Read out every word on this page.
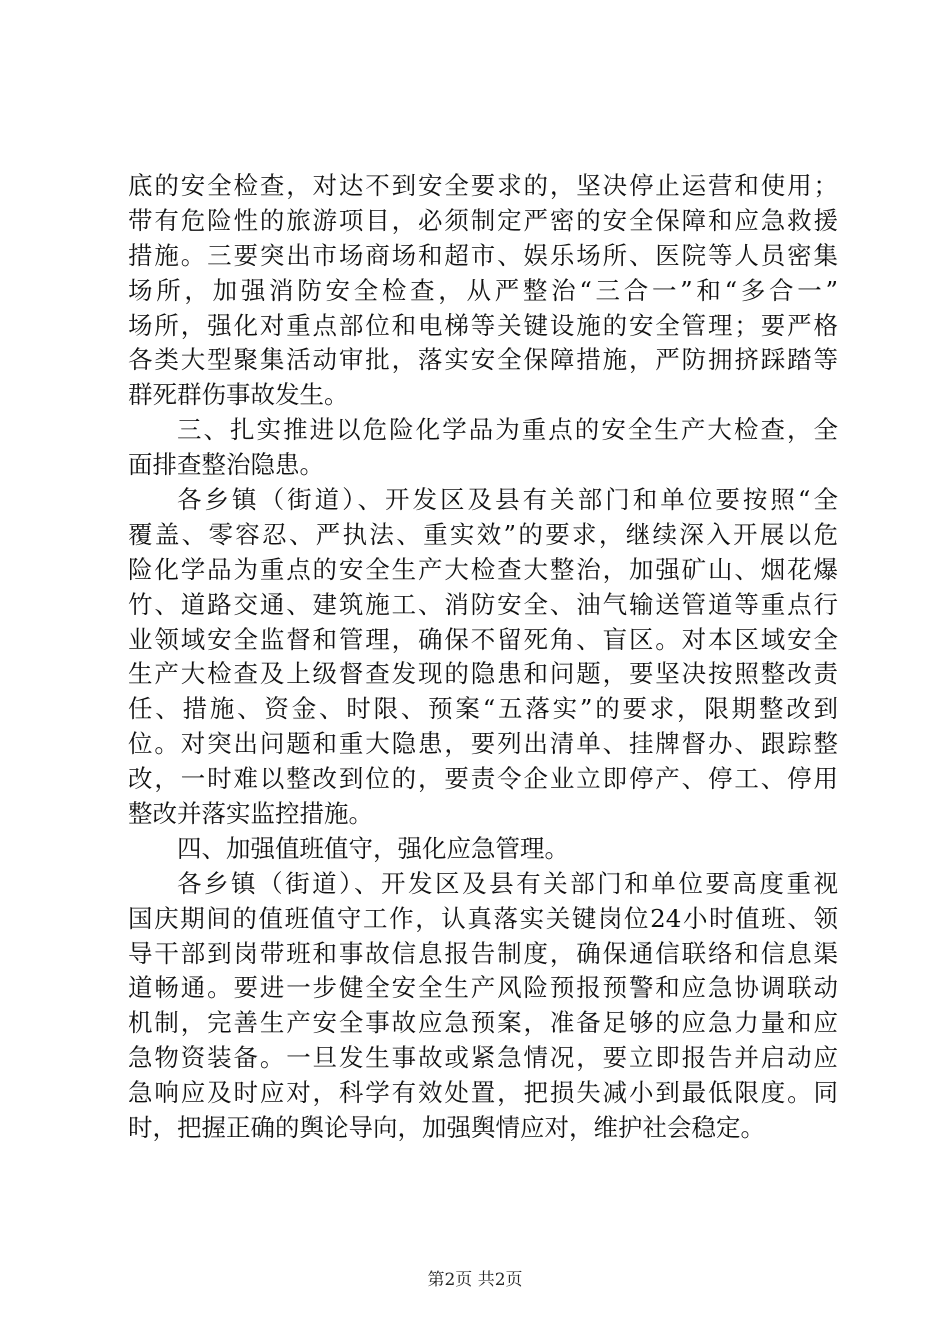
底的安全检查，对达不到安全要求的，坚决停止运营和使用；
带有危险性的旅游项目，必须制定严密的安全保障和应急救援
措施。三要突出市场商场和超市、娱乐场所、医院等人员密集
场所，加强消防安全检查，从严整治“三合一”和“多合一”
场所，强化对重点部位和电梯等关键设施的安全管理；要严格
各类大型聚集活动审批，落实安全保障措施，严防拥挤踩踏等
群死群伤事故发生。
三、扎实推进以危险化学品为重点的安全生产大检查，全
面排查整治隐患。
各乡镇（街道）、开发区及县有关部门和单位要按照“全
覆盖、零容忍、严执法、重实效”的要求，继续深入开展以危
险化学品为重点的安全生产大检查大整治，加强矿山、烟花爆
竹、道路交通、建筑施工、消防安全、油气输送管道等重点行
业领域安全监督和管理，确保不留死角、盲区。对本区域安全
生产大检查及上级督查发现的隐患和问题，要坚决按照整改责
任、措施、资金、时限、预案“五落实”的要求，限期整改到
位。对突出问题和重大隐患，要列出清单、挂牌督办、跟踪整
改，一时难以整改到位的，要责令企业立即停产、停工、停用
整改并落实监控措施。
四、加强值班值守，强化应急管理。
各乡镇（街道）、开发区及县有关部门和单位要高度重视
国庆期间的值班值守工作，认真落实关键岗位24小时值班、领
导干部到岗带班和事故信息报告制度，确保通信联络和信息渠
道畅通。要进一步健全安全生产风险预报预警和应急协调联动
机制，完善生产安全事故应急预案，准备足够的应急力量和应
急物资装备。一旦发生事故或紧急情况，要立即报告并启动应
急响应及时应对，科学有效处置，把损失减小到最低限度。同
时，把握正确的舆论导向，加强舆情应对，维护社会稳定。
第2页 共2页
